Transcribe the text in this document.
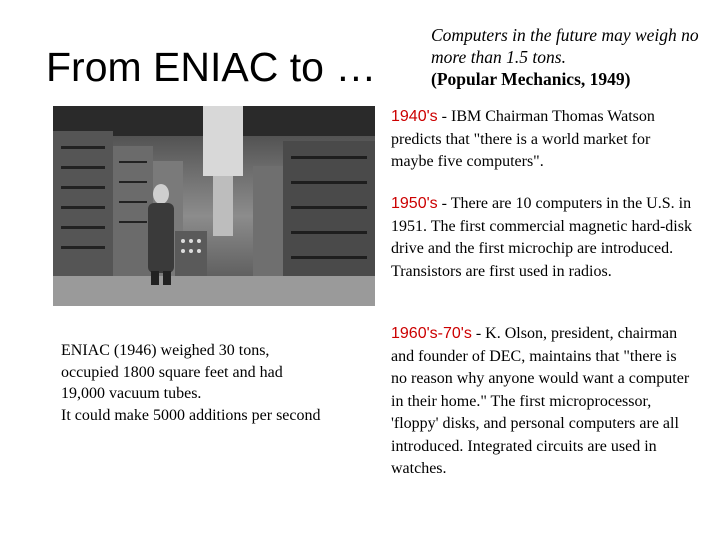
From ENIAC to …
Computers in the future may weigh no more than 1.5 tons.
(Popular Mechanics, 1949)
ENIAC (1946) weighed 30 tons, occupied 1800 square feet and had 19,000 vacuum tubes.
It could make 5000 additions per second
1940's - IBM Chairman Thomas Watson predicts that "there is a world market for maybe five computers".
1950's - There are 10 computers in the U.S. in 1951. The first commercial magnetic hard-disk drive and the first microchip are introduced. Transistors are first used in radios.
1960's-70's - K. Olson, president, chairman and founder of DEC, maintains that "there is no reason why anyone would want a computer in their home." The first microprocessor, 'floppy' disks, and personal computers are all introduced. Integrated circuits are used in watches.
